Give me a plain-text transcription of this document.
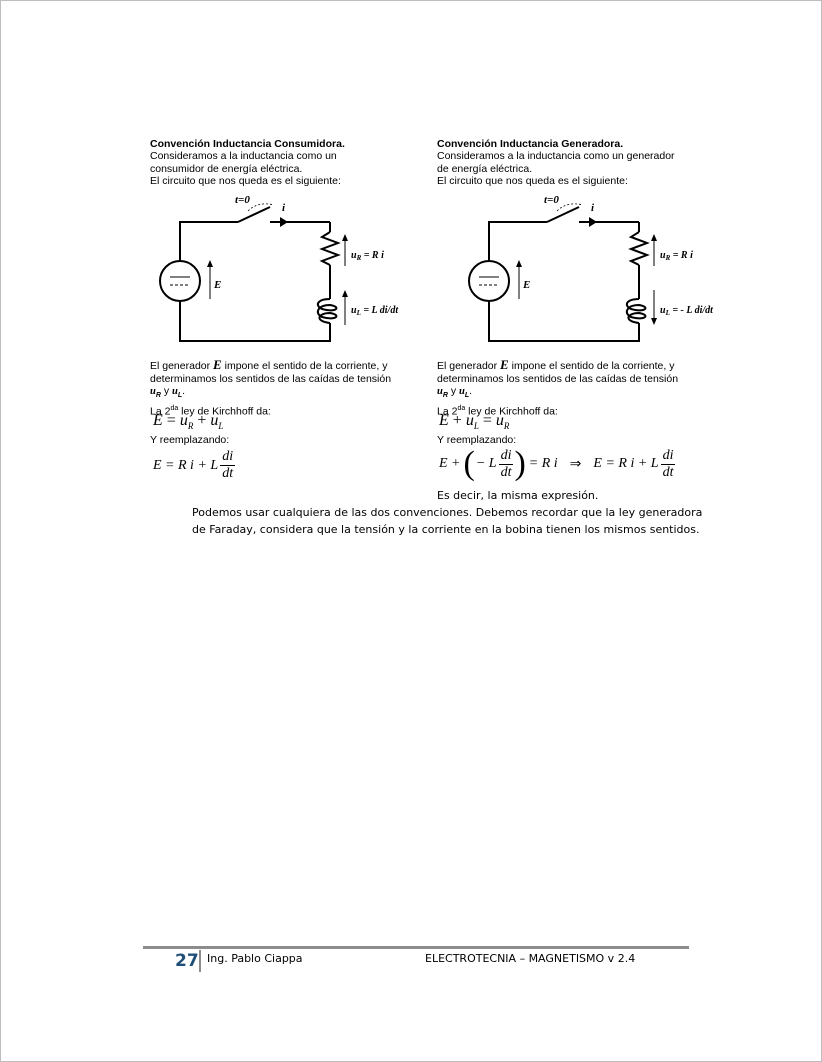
Convención Inductancia Consumidora.
Consideramos a la inductancia como un
consumidor de energía eléctrica.
El circuito que nos queda es el siguiente:
t=0
i
E
$u_R = R$ i
$u_L = L$ di/dt
El generador E impone el sentido de la corriente, y
determinamos los sentidos de las caídas de tensión
$u_R$ y $u_L$.
La $2^{da}$ ley de Kirchhoff da:
$E = u_R + u_L$
Y reemplazando:
E = R i + L
di
dt
Convención Inductancia Generadora.
Consideramos a la inductancia como un generador
de energía eléctrica.
El circuito que nos queda es el siguiente:
t=0
i
E
$u_R = R$ i
$u_L$ = - L di/dt
El generador E impone el sentido de la corriente, y
determinamos los sentidos de las caídas de tensión
$u_R$ y $u_L$.
La $2^{da}$ ley de Kirchhoff da:
$E + u_L = u_R$
Y reemplazando:
E + ( − L
di
dt ) = R i ⇒ E = R i + L
di
dt
Es decir, la misma expresión.
Podemos usar cualquiera de las dos convenciones. Debemos recordar que la ley generadora
de Faraday, considera que la tensión y la corriente en la bobina tienen los mismos sentidos.
27 Ing. Pablo Ciappa	ELECTROTECNIA – MAGNETISMO v 2.4
